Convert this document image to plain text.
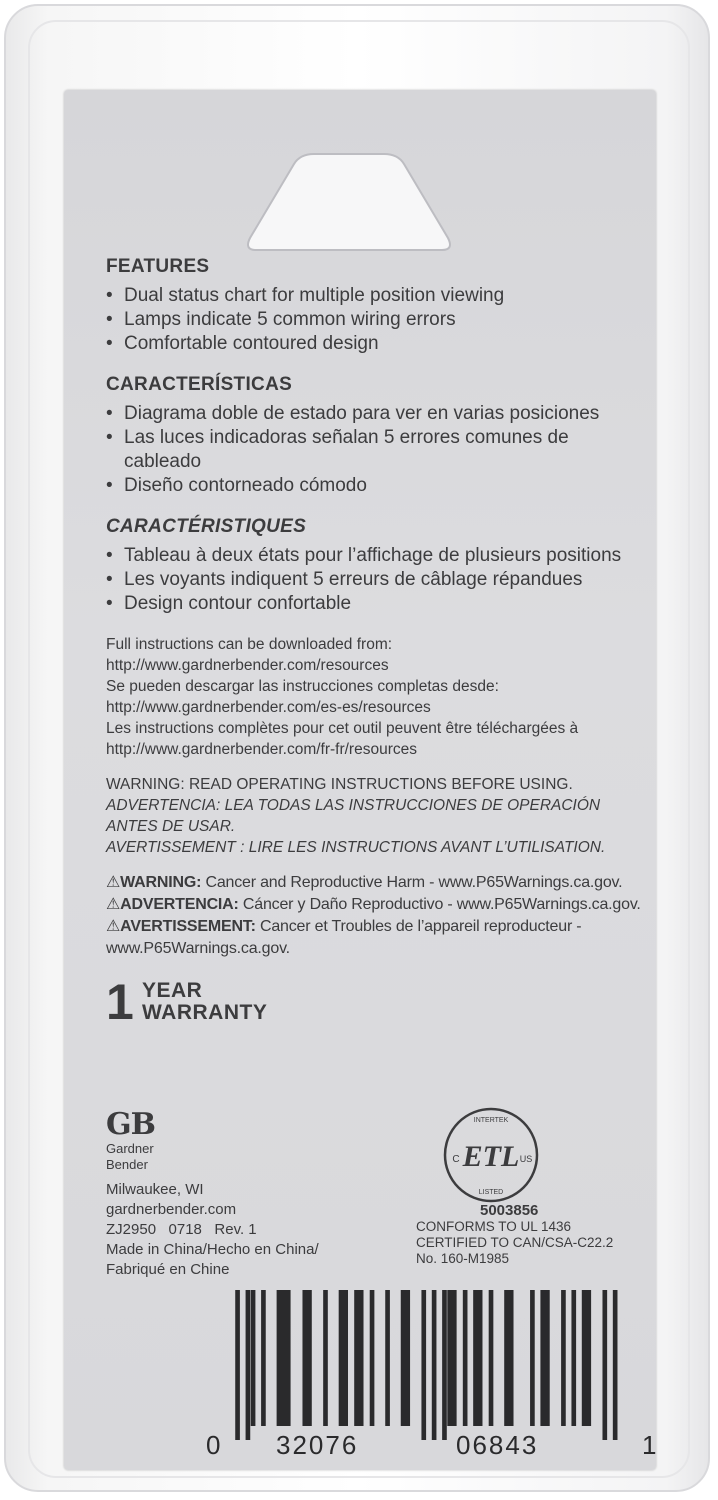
FEATURES

• Dual status chart for multiple position viewing

• Lamps indicate 5 common wiring errors

• Comfortable contoured design

CARACTERÍSTICAS

• Diagrama doble de estado para ver en varias posiciones

• Las luces indicadoras señalan 5 errores comunes de cableado

• Diseño contorneado cómodo

CARACTÉRISTIQUES

• Tableau à deux états pour l’affichage de plusieurs positions

• Les voyants indiquent 5 erreurs de câblage répandues

• Design contour confortable

Full instructions can be downloaded from:

http://www.gardnerbender.com/resources

Se pueden descargar las instrucciones completas desde:

http://www.gardnerbender.com/es-es/resources

Les instructions complètes pour cet outil peuvent être téléchargées à

http://www.gardnerbender.com/fr-fr/resources

WARNING: READ OPERATING INSTRUCTIONS BEFORE USING.

ADVERTENCIA: LEA TODAS LAS INSTRUCCIONES DE OPERACIÓN

ANTES DE USAR.

AVERTISSEMENT : LIRE LES INSTRUCTIONS AVANT L’UTILISATION.

⚠WARNING: Cancer and Reproductive Harm - www.P65Warnings.ca.gov.

⚠ADVERTENCIA: Cáncer y Daño Reproductivo - www.P65Warnings.ca.gov.

⚠AVERTISSEMENT: Cancer et Troubles de l’appareil reproducteur -

www.P65Warnings.ca.gov.

1 YEAR
WARRANTY
GB
Gardner
Bender

Milwaukee, WI

gardnerbender.com

ZJ2950   0718   Rev. 1

Made in China/Hecho en China/

Fabriqué en Chine

INTERTEK
C ETL US
LISTED
5003856

CONFORMS TO UL 1436

CERTIFIED TO CAN/CSA-C22.2

No. 160-M1985

0 32076	06843	1
